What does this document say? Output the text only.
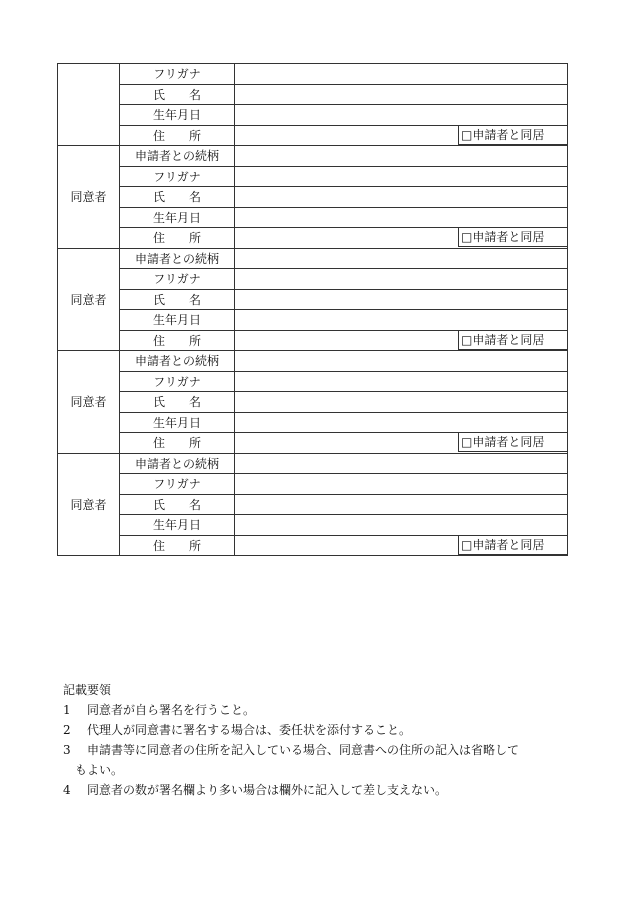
	フリガナ	
	氏　　名	
	生年月日	
	住　　所	□申請者と同居

同意者	申請者との続柄	
	フリガナ	
	氏　　名	
	生年月日	
	住　　所	□申請者と同居

同意者	申請者との続柄	
	フリガナ	
	氏　　名	
	生年月日	
	住　　所	□申請者と同居

同意者	申請者との続柄	
	フリガナ	
	氏　　名	
	生年月日	
	住　　所	□申請者と同居

同意者	申請者との続柄	
	フリガナ	
	氏　　名	
	生年月日	
	住　　所	□申請者と同居
記載要領
1	同意者が自ら署名を行うこと。
2	代理人が同意書に署名する場合は、委任状を添付すること。
3	申請書等に同意者の住所を記入している場合、同意書への住所の記入は省略して
もよい。
4	同意者の数が署名欄より多い場合は欄外に記入して差し支えない。
